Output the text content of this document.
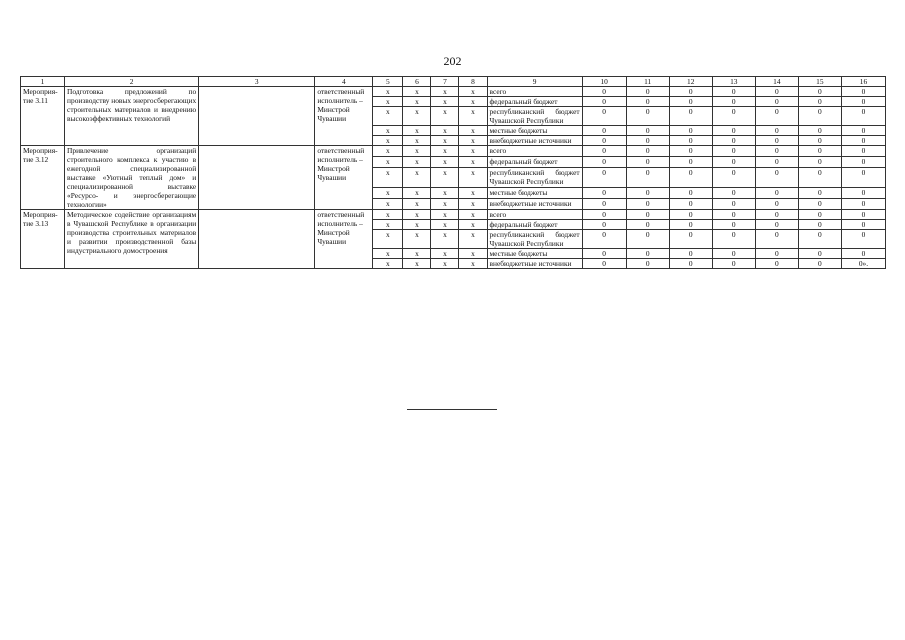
202
1	2	3	4	5	6	7	8	9	10	11	12	13	14	15	16
Мероприя-тие 3.11	Подготовка предложений по производству новых энергосберегающих строительных материалов и внедрению высокоэффективных технологий		ответственный исполнитель – Минстрой Чувашии	х	х	х	х	всего	0	0	0	0	0	0	0
				х	х	х	х	федеральный бюджет	0	0	0	0	0	0	0
				х	х	х	х	республиканский бюджет Чувашской Республики	0	0	0	0	0	0	0
				х	х	х	х	местные бюджеты	0	0	0	0	0	0	0
				х	х	х	х	внебюджетные источники	0	0	0	0	0	0	0
Мероприя-тие 3.12	Привлечение организаций строительного комплекса к участию в ежегодной специализированной выставке «Уютный теплый дом» и специализированной выставке «Ресурсо- и энергосберегающие технологии»		ответственный исполнитель – Минстрой Чувашии	х	х	х	х	всего	0	0	0	0	0	0	0
				х	х	х	х	федеральный бюджет	0	0	0	0	0	0	0
				х	х	х	х	республиканский бюджет Чувашской Республики	0	0	0	0	0	0	0
				х	х	х	х	местные бюджеты	0	0	0	0	0	0	0
				х	х	х	х	внебюджетные источники	0	0	0	0	0	0	0
Мероприя-тие 3.13	Методическое содействие организациям в Чувашской Республике в организации производства строительных материалов и развитии производственной базы индустриального домостроения		ответственный исполнитель – Минстрой Чувашии	х	х	х	х	всего	0	0	0	0	0	0	0
				х	х	х	х	федеральный бюджет	0	0	0	0	0	0	0
				х	х	х	х	республиканский бюджет Чувашской Республики	0	0	0	0	0	0	0
				х	х	х	х	местные бюджеты	0	0	0	0	0	0	0
				х	х	х	х	внебюджетные источники	0	0	0	0	0	0	0».
